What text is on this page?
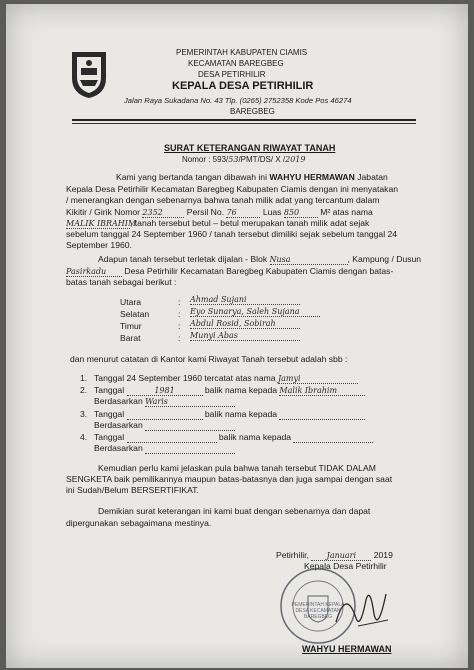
PEMERINTAH KABUPATEN CIAMIS
KECAMATAN BAREGBEG
DESA PETIRHILIR
KEPALA DESA PETIRHILIR
Jalan Raya Sukadana No. 43 Tlp. (0265) 2752358 Kode Pos 46274
BAREGBEG
SURAT KETERANGAN RIWAYAT TANAH
Nomor : 593/53/PMT/DS/ X /2019
Kami yang bertanda tangan dibawah ini WAHYU HERMAWAN Jabatan
Kepala Desa Petirhilir Kecamatan Baregbeg Kabupaten Ciamis dengan ini menyatakan
/ menerangkan dengan sebenarnya bahwa tanah milik adat yang tercantum dalam
Kikitir / Girik Nomor 2352	Persil No. 76	Luas 850 M² atas nama
MALIK IBRAHIM, tanah tersebut betul – betul merupakan tanah milik adat sejak
sebelum tanggal 24 September 1960 / tanah tersebut dimiliki sejak sebelum tanggal 24
September 1960.
Adapun tanah tersebut terletak dijalan - Blok Nusa	, Kampung / Dusun
Pasirkadu Desa Petirhilir Kecamatan Baregbeg Kabupaten Ciamis dengan batas-
batas tanah sebagai berikut :
Utara	: Ahmad Sujani
Selatan	: Eyo Sunarya, Saleh Sujana
Timur	: Abdul Rosid, Sobirah
Barat	: Munyi Abas
dan menurut catatan di Kantor kami Riwayat Tanah tersebut adalah sbb :
1. Tanggal 24 September 1960 tercatat atas nama Jamyi
2. Tanggal	1981	balik nama kepada Malik Ibrahim
Berdasarkan Waris
3. Tanggal	balik nama kepada
Berdasarkan
4. Tanggal	balik nama kepada
Berdasarkan
Kemudian perlu kami jelaskan pula bahwa tanah tersebut TIDAK DALAM
SENGKETA baik pemilikannya maupun batas-batasnya dan juga sampai dengan saat
ini Sudah/Belum BERSERTIFIKAT.
Demikian surat keterangan ini kami buat dengan sebenarnya dan dapat
dipergunakan sebagaimana mestinya.
Petirhilir, Januari 2019
Kepala Desa Petirhilir
PEMERINTAH KEPALA DESA KECAMATAN BAREGBEG
WAHYU HERMAWAN
